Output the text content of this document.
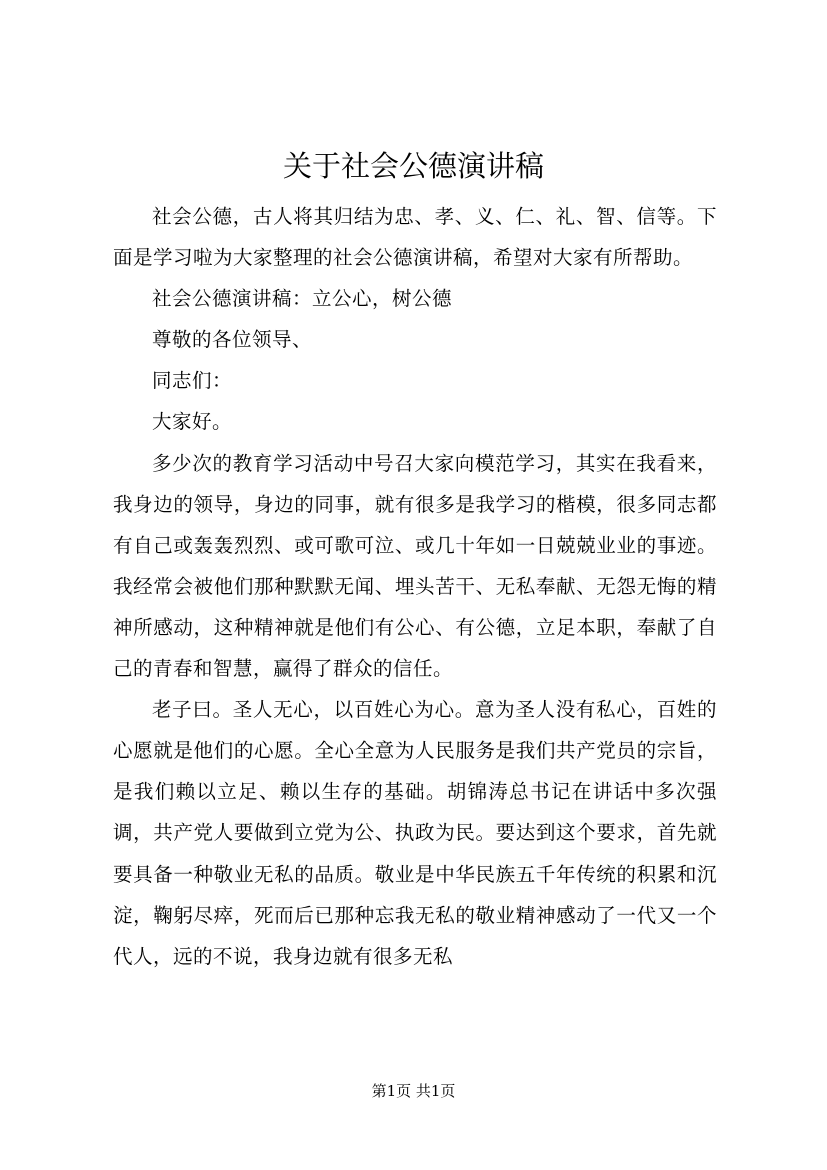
关于社会公德演讲稿

社会公德，古人将其归结为忠、孝、义、仁、礼、智、信等。下面是学习啦为大家整理的社会公德演讲稿，希望对大家有所帮助。

社会公德演讲稿：立公心，树公德

尊敬的各位领导、

同志们：

大家好。

多少次的教育学习活动中号召大家向模范学习，其实在我看来，我身边的领导，身边的同事，就有很多是我学习的楷模，很多同志都有自己或轰轰烈烈、或可歌可泣、或几十年如一日兢兢业业的事迹。我经常会被他们那种默默无闻、埋头苦干、无私奉献、无怨无悔的精神所感动，这种精神就是他们有公心、有公德，立足本职，奉献了自己的青春和智慧，赢得了群众的信任。

老子曰。圣人无心，以百姓心为心。意为圣人没有私心，百姓的心愿就是他们的心愿。全心全意为人民服务是我们共产党员的宗旨，是我们赖以立足、赖以生存的基础。胡锦涛总书记在讲话中多次强调，共产党人要做到立党为公、执政为民。要达到这个要求，首先就要具备一种敬业无私的品质。敬业是中华民族五千年传统的积累和沉淀，鞠躬尽瘁，死而后已那种忘我无私的敬业精神感动了一代又一个代人，远的不说，我身边就有很多无私

第1页 共1页
